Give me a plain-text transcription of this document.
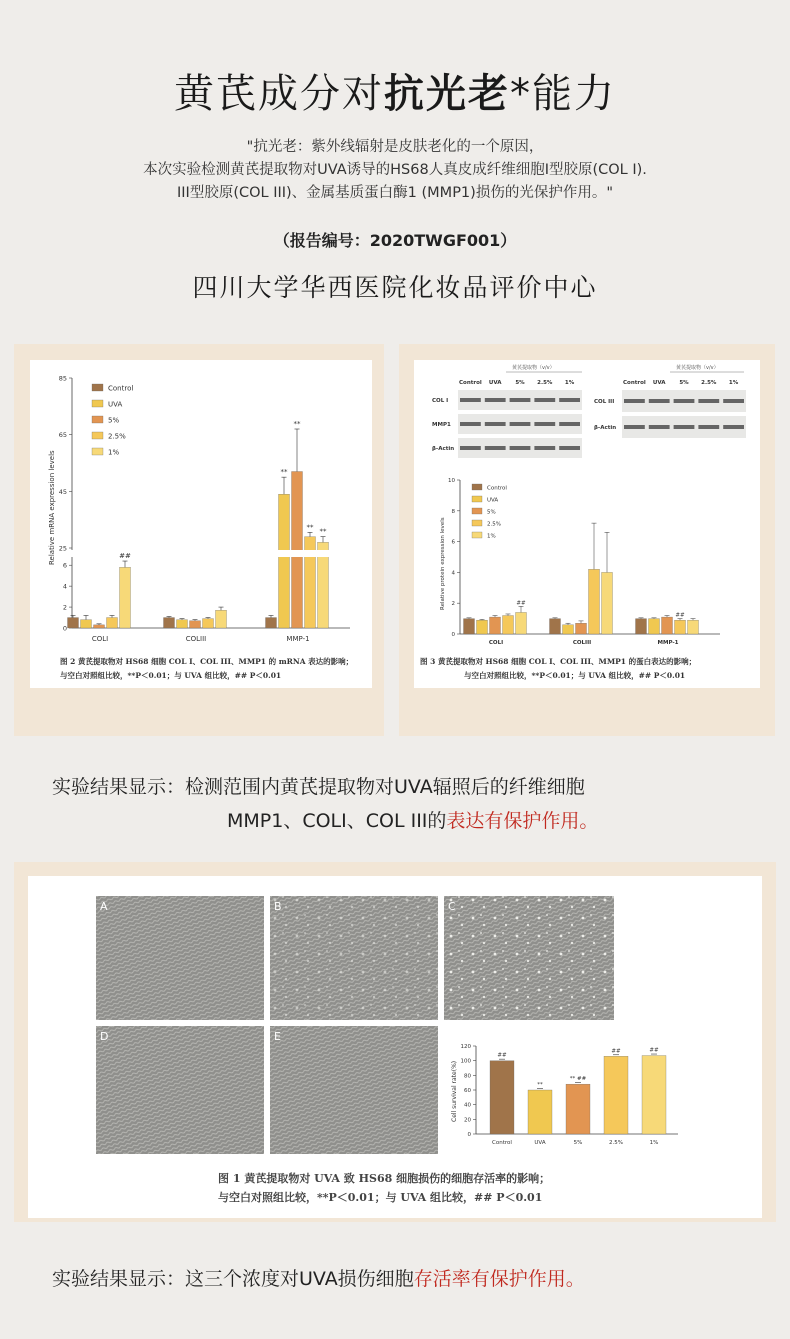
黄芪成分对抗光老*能力
"抗光老：紫外线辐射是皮肤老化的一个原因，
本次实验检测黄芪提取物对UVA诱导的HS68人真皮成纤维细胞I型胶原(COL I).
III型胶原(COL III)、金属基质蛋白酶1 (MMP1)损伤的光保护作用。"
（报告编号：2020TWGF001）
四川大学华西医院化妆品评价中心
0
2
4
6
25
45
65
85
Relative mRNA expression levels
COLI	COLIII	MMP-1
##
**
**
**
**
Control
UVA
5%
2.5%
1%
图 2 黄芪提取物对 HS68 细胞 COL I、COL III、MMP1 的 mRNA 表达的影响；
与空白对照组比较，**P＜0.01；与 UVA 组比较，## P＜0.01
黄芪提取物（v/v）
Control UVA	5% 2.5% 1%
COL I
MMP1
β-Actin
黄芪提取物（v/v）
Control UVA	5% 2.5% 1%
COL III
β-Actin
0
2
4
6
8
10
Relative protein expression levels
COLI	COLIII	MMP-1
##
##
Control
UVA
5%
2.5%
1%
图 3 黄芪提取物对 HS68 细胞 COL I、COL III、MMP1 的蛋白表达的影响；
与空白对照组比较，**P＜0.01；与 UVA 组比较，## P＜0.01
实验结果显示：检测范围内黄芪提取物对UVA辐照后的纤维细胞
MMP1、COLI、COL III的表达有保护作用。
A	B	C
D	E
0
20
40
60
80
100
120
Cell survival rate(%)
Control	UVA	5%	2.5%	1%
##
**
** ##
##	##
图 1 黄芪提取物对 UVA 致 HS68 细胞损伤的细胞存活率的影响；
与空白对照组比较，**P＜0.01；与 UVA 组比较，## P＜0.01
实验结果显示：这三个浓度对UVA损伤细胞存活率有保护作用。
